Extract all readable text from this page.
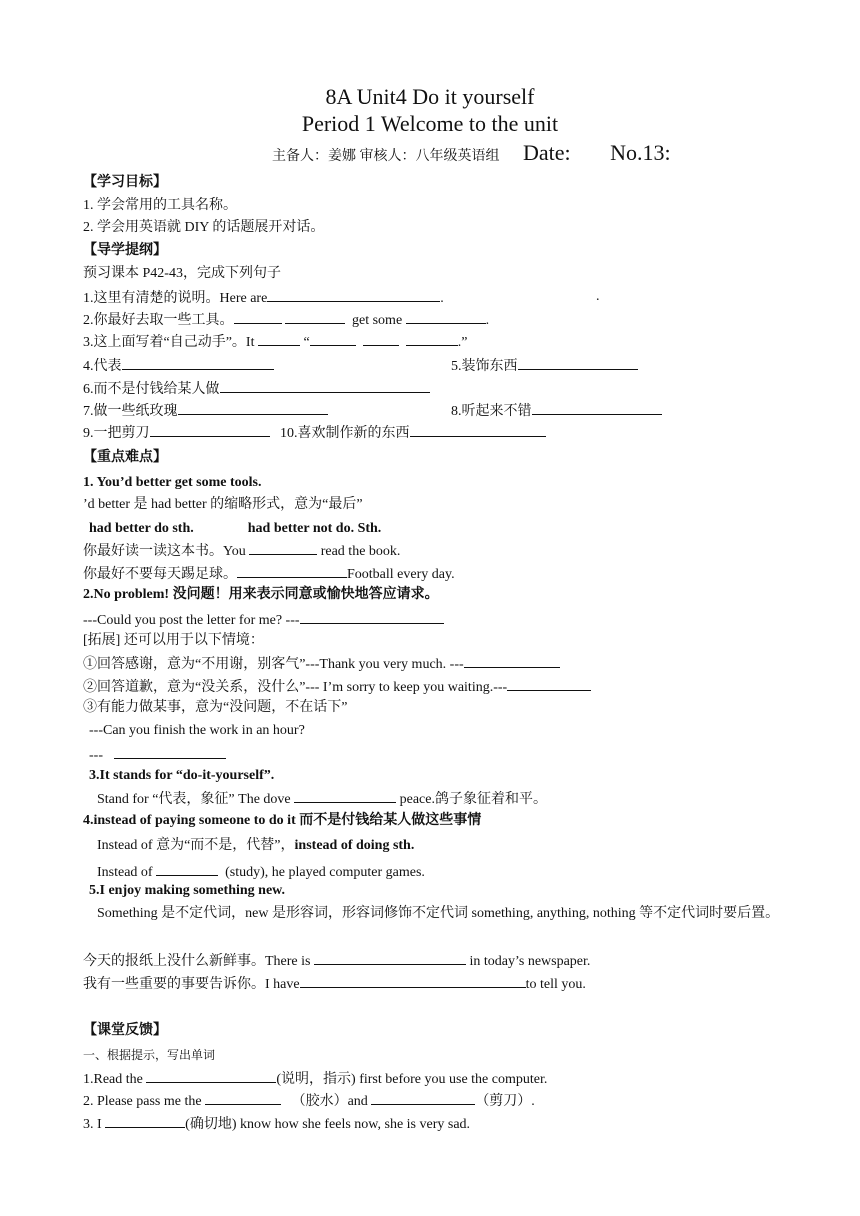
8A Unit4 Do it yourself
Period 1 Welcome to the unit
主备人：姜娜 审核人：八年级英语组 Date: No.13:
【学习目标】
1. 学会常用的工具名称。
2. 学会用英语就 DIY 的话题展开对话。
【导学提纲】
预习课本 P42-43，完成下列句子
1.这里有清楚的说明。Here are	.	.
2.你最好去取一些工具。	get some	.
3.这上面写着“自己动手”。It	“	.”
4.代表	5.装饰东西
6.而不是付钱给某人做
7.做一些纸玫瑰	8.听起来不错
9.一把剪刀	10.喜欢制作新的东西
【重点难点】
1. You’d better get some tools.
’d better 是 had better 的缩略形式，意为“最后”
had better do sth.	had better not do. Sth.
你最好读一读这本书。You	read the book.
你最好不要每天踢足球。	Football every day.
2.No problem! 没问题！用来表示同意或愉快地答应请求。
---Could you post the letter for me? ---
[拓展] 还可以用于以下情境：
①回答感谢，意为“不用谢，别客气”---Thank you very much. ---
②回答道歉，意为“没关系，没什么”--- I’m sorry to keep you waiting.---
③有能力做某事，意为“没问题，不在话下”
---Can you finish the work in an hour?
---
3.It stands for “do-it-yourself”.
Stand for “代表，象征” The dove	peace.鸽子象征着和平。
4.instead of paying someone to do it 而不是付钱给某人做这些事情
Instead of 意为“而不是，代替”，instead of doing sth.
Instead of	(study), he played computer games.
5.I enjoy making something new.
Something 是不定代词，new 是形容词，形容词修饰不定代词 something, anything, nothing 等不定代词时要后置。
今天的报纸上没什么新鲜事。There is	in today’s newspaper.
我有一些重要的事要告诉你。I have	to tell you.
【课堂反馈】
一、根据提示，写出单词
1.Read the	(说明，指示) first before you use the computer.
2. Please pass me the	（胶水）and	（剪刀）.
3. I	(确切地) know how she feels now, she is very sad.
